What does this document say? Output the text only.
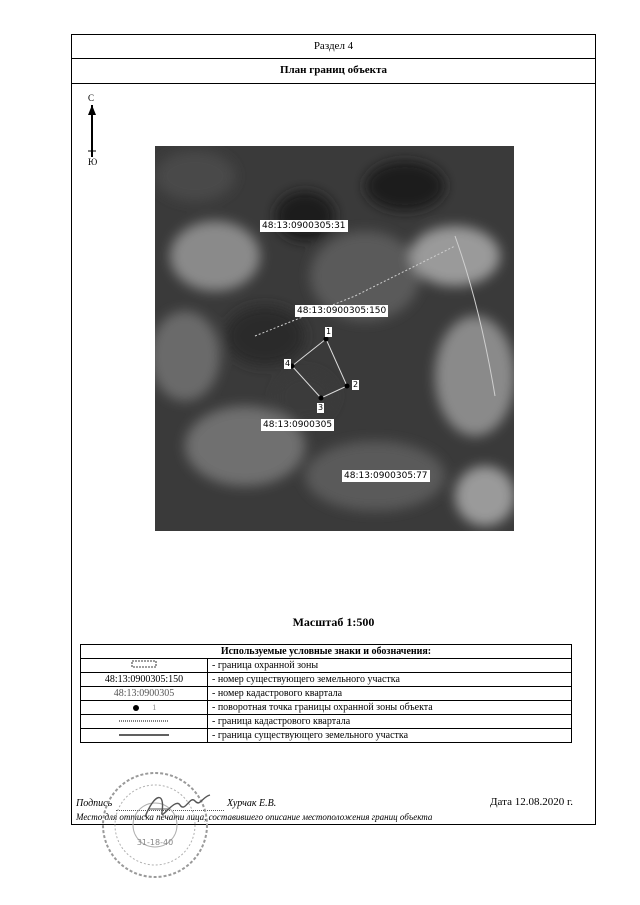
Раздел 4
План границ объекта
С
Ю
48:13:0900305:31
48:13:0900305:150
48:13:0900305
48:13:0900305:77
1
2
3
4
Масштаб 1:500
Используемые условные знаки и обозначения:	
	- граница охранной зоны
48:13:0900305:150	- номер существующего земельного участка
48:13:0900305	- номер кадастрового квартала
1	- поворотная точка границы охранной зоны объекта
	- граница кадастрового квартала
	- граница существующего земельного участка
Подпись	Хурчак Е.В.	Дата 12.08.2020 г.
Место для оттиска печати лица, составившего описание местоположения границ объекта
31-18-40
